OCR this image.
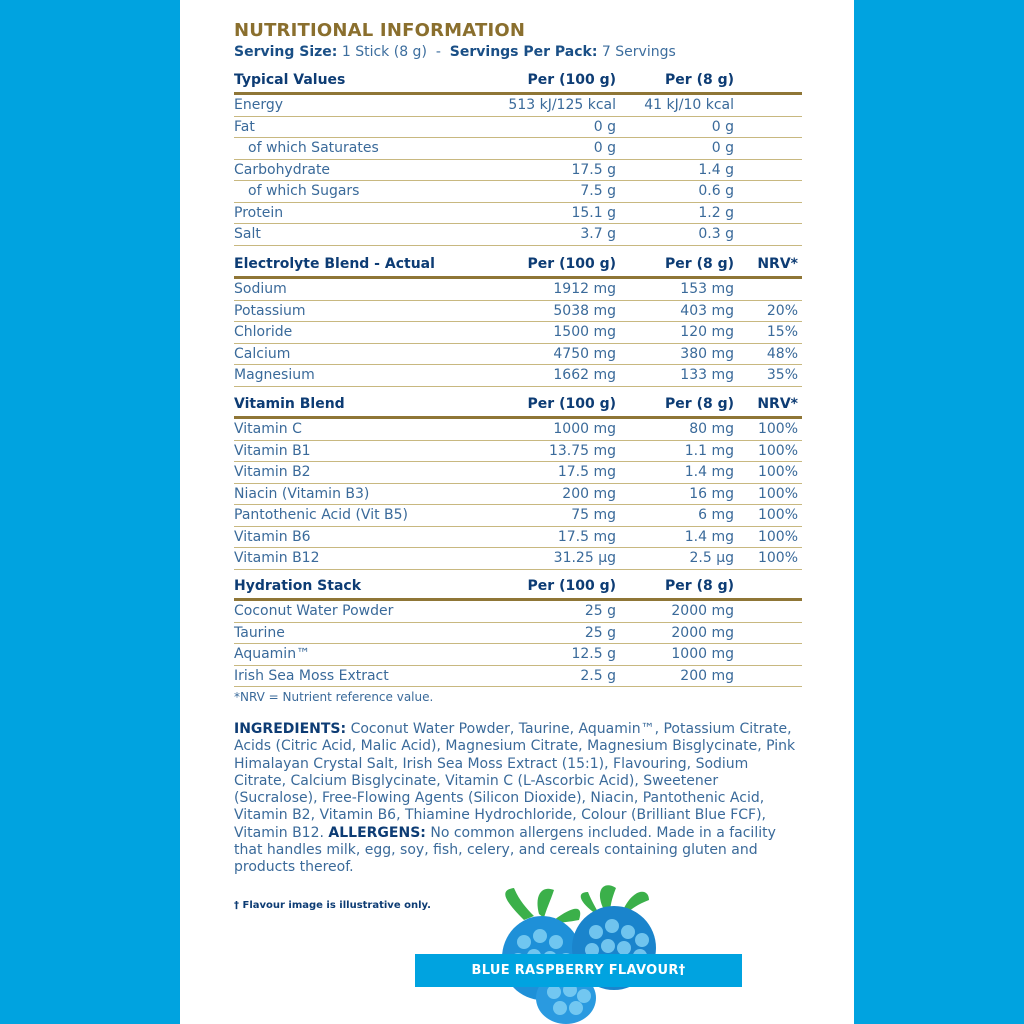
NUTRITIONAL INFORMATION
Serving Size: 1 Stick (8 g) - Servings Per Pack: 7 Servings
Typical Values	Per (100 g)	Per (8 g)
Energy	513 kJ/125 kcal	41 kJ/10 kcal
Fat	0 g	0 g
of which Saturates	0 g	0 g
Carbohydrate	17.5 g	1.4 g
of which Sugars	7.5 g	0.6 g
Protein	15.1 g	1.2 g
Salt	3.7 g	0.3 g
Electrolyte Blend - Actual	Per (100 g)	Per (8 g)	NRV*
Sodium	1912 mg	153 mg
Potassium	5038 mg	403 mg	20%
Chloride	1500 mg	120 mg	15%
Calcium	4750 mg	380 mg	48%
Magnesium	1662 mg	133 mg	35%
Vitamin Blend	Per (100 g)	Per (8 g)	NRV*
Vitamin C	1000 mg	80 mg	100%
Vitamin B1	13.75 mg	1.1 mg	100%
Vitamin B2	17.5 mg	1.4 mg	100%
Niacin (Vitamin B3)	200 mg	16 mg	100%
Pantothenic Acid (Vit B5)	75 mg	6 mg	100%
Vitamin B6	17.5 mg	1.4 mg	100%
Vitamin B12	31.25 µg	2.5 µg	100%
Hydration Stack	Per (100 g)	Per (8 g)
Coconut Water Powder	25 g	2000 mg
Taurine	25 g	2000 mg
Aquamin™	12.5 g	1000 mg
Irish Sea Moss Extract	2.5 g	200 mg
*NRV = Nutrient reference value.
INGREDIENTS: Coconut Water Powder, Taurine, Aquamin™, Potassium Citrate, Acids (Citric Acid, Malic Acid), Magnesium Citrate, Magnesium Bisglycinate, Pink Himalayan Crystal Salt, Irish Sea Moss Extract (15:1), Flavouring, Sodium Citrate, Calcium Bisglycinate, Vitamin C (L-Ascorbic Acid), Sweetener (Sucralose), Free-Flowing Agents (Silicon Dioxide), Niacin, Pantothenic Acid, Vitamin B2, Vitamin B6, Thiamine Hydrochloride, Colour (Brilliant Blue FCF), Vitamin B12. ALLERGENS: No common allergens included. Made in a facility that handles milk, egg, soy, fish, celery, and cereals containing gluten and products thereof.
† Flavour image is illustrative only.
BLUE RASPBERRY FLAVOUR†
